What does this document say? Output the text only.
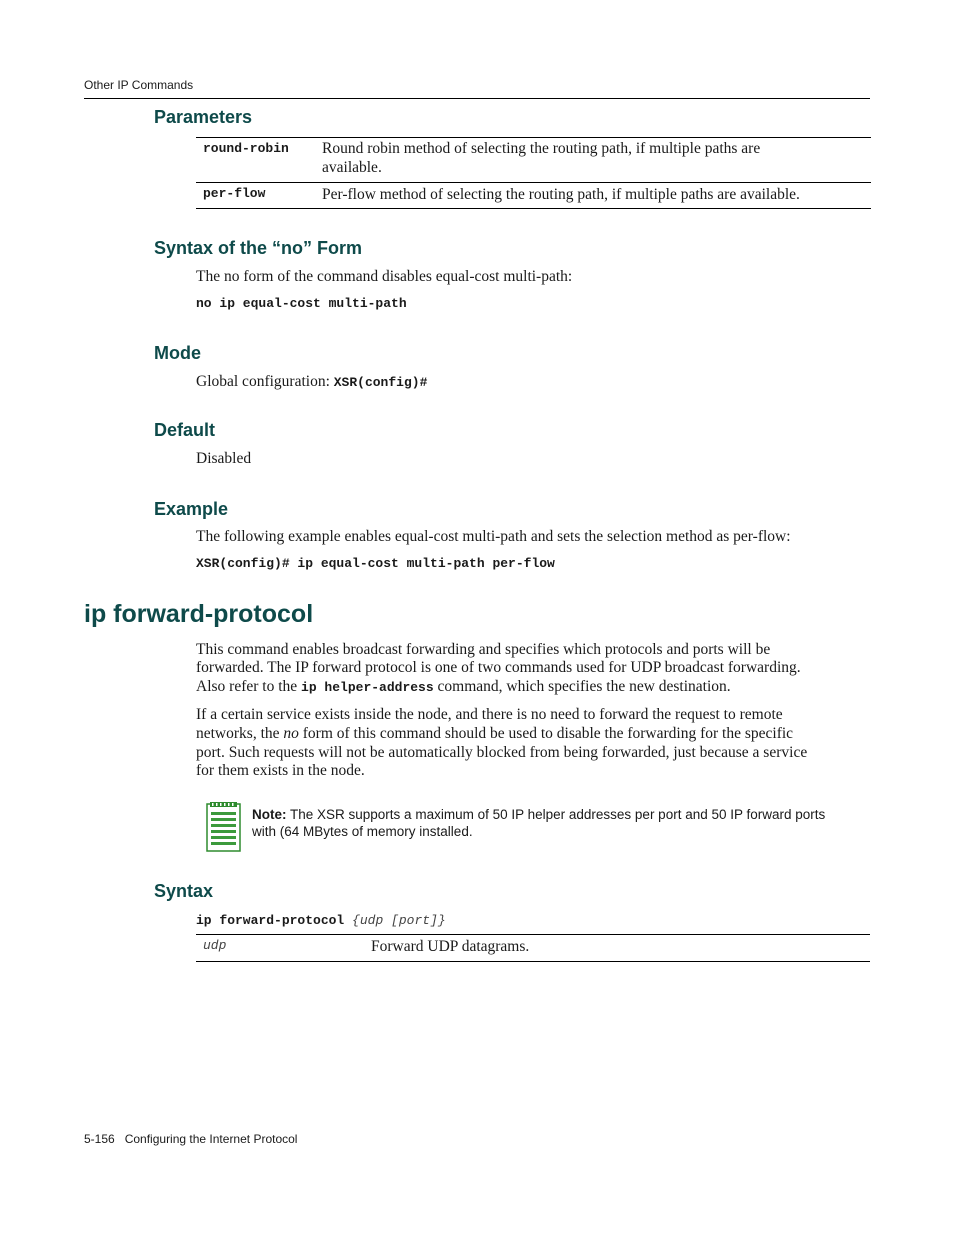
Other IP Commands
Parameters
round-robin Round robin method of selecting the routing path, if multiple paths are
available.
per-flow	Per-flow method of selecting the routing path, if multiple paths are available.
Syntax of the “no” Form
The no form of the command disables equal-cost multi-path:
no ip equal-cost multi-path
Mode
Global configuration: XSR(config)#
Default
Disabled
Example
The following example enables equal-cost multi-path and sets the selection method as per-flow:
XSR(config)# ip equal-cost multi-path per-flow
ip forward-protocol
This command enables broadcast forwarding and specifies which protocols and ports will be
forwarded. The IP forward protocol is one of two commands used for UDP broadcast forwarding.
Also refer to the ip helper-address command, which specifies the new destination.
If a certain service exists inside the node, and there is no need to forward the request to remote
networks, the no form of this command should be used to disable the forwarding for the specific
port. Such requests will not be automatically blocked from being forwarded, just because a service
for them exists in the node.
Note: The XSR supports a maximum of 50 IP helper addresses per port and 50 IP forward ports
with (64 MBytes of memory installed.
Syntax
ip forward-protocol {udp [port]}
udp	Forward UDP datagrams.
5-156 Configuring the Internet Protocol
